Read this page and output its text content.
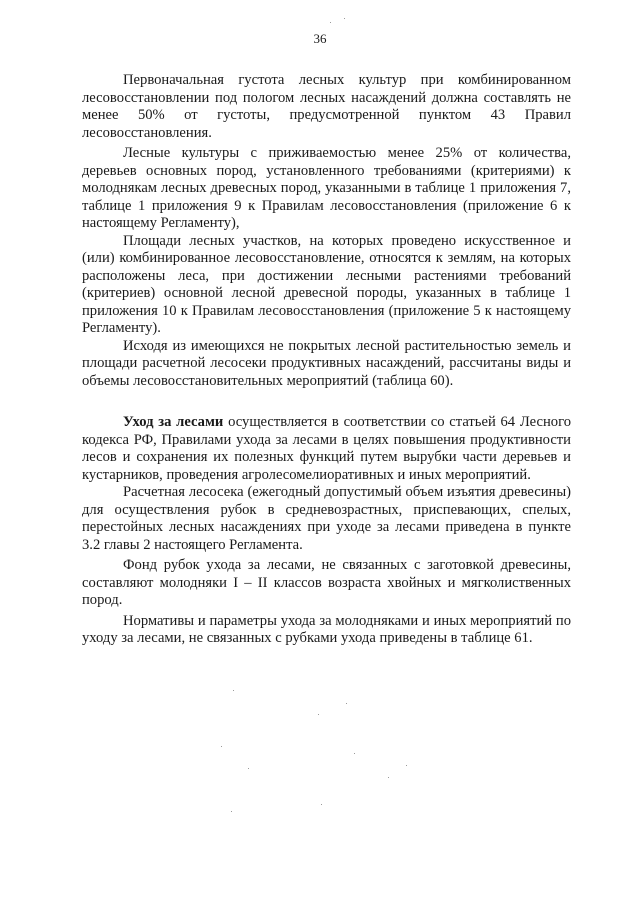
36

Первоначальная густота лесных культур при комбинированном лесовосстановлении под пологом лесных насаждений должна составлять не менее 50% от густоты, предусмотренной пунктом 43 Правил лесовосстановления.

Лесные культуры с приживаемостью менее 25% от количества, деревьев основных пород, установленного требованиями (критериями) к молоднякам лесных древесных пород, указанными в таблице 1 приложения 7, таблице 1 приложения 9 к Правилам лесовосстановления (приложение 6 к настоящему Регламенту),

Площади лесных участков, на которых проведено искусственное и (или) комбинированное лесовосстановление, относятся к землям, на которых расположены леса, при достижении лесными растениями требований (критериев) основной лесной древесной породы, указанных в таблице 1 приложения 10 к Правилам лесовосстановления (приложение 5 к настоящему Регламенту).

Исходя из имеющихся не покрытых лесной растительностью земель и площади расчетной лесосеки продуктивных насаждений, рассчитаны виды и объемы лесовосстановительных мероприятий (таблица 60).

Уход за лесами осуществляется в соответствии со статьей 64 Лесного кодекса РФ, Правилами ухода за лесами в целях повышения продуктивности лесов и сохранения их полезных функций путем вырубки части деревьев и кустарников, проведения агролесомелиоративных и иных мероприятий.

Расчетная лесосека (ежегодный допустимый объем изъятия древесины) для осуществления рубок в средневозрастных, приспевающих, спелых, перестойных лесных насаждениях при уходе за лесами приведена в пункте 3.2 главы 2 настоящего Регламента.

Фонд рубок ухода за лесами, не связанных с заготовкой древесины, составляют молодняки I – II классов возраста хвойных и мягколиственных пород.

Нормативы и параметры ухода за молодняками и иных мероприятий по уходу за лесами, не связанных с рубками ухода приведены в таблице 61.
